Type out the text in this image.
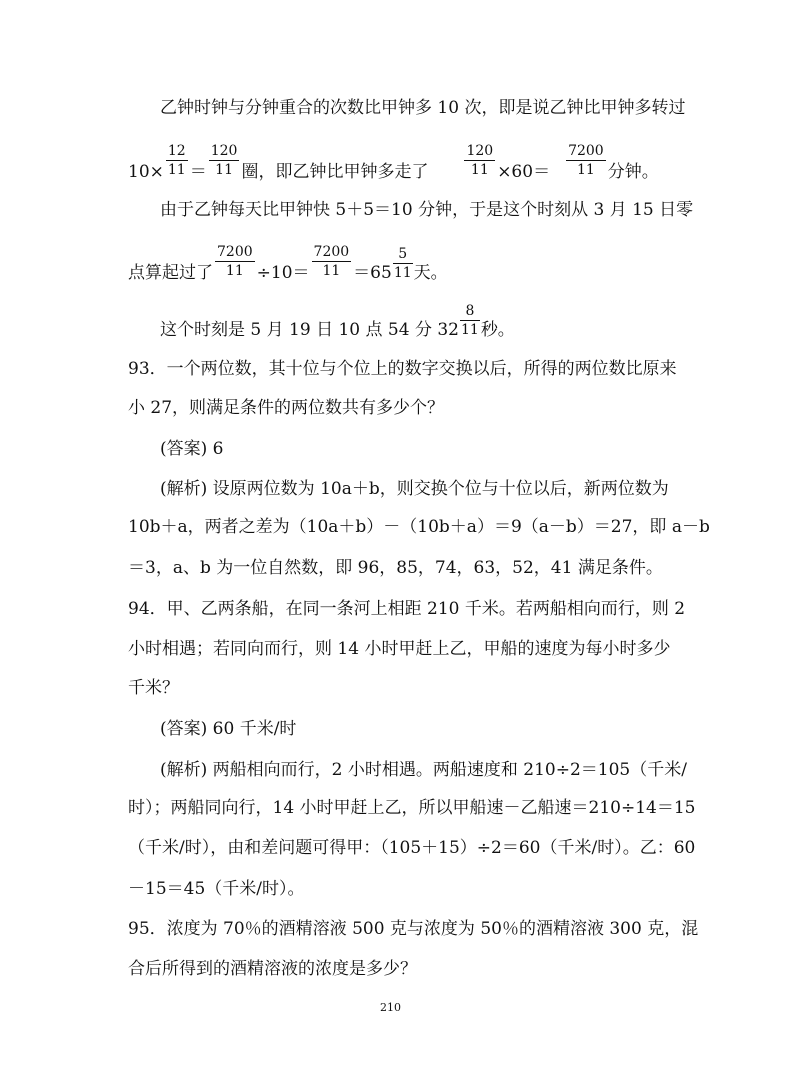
乙钟时钟与分钟重合的次数比甲钟多 10 次，即是说乙钟比甲钟多转过
$10\times \frac{12}{11} = \frac{120}{11}$ 圈，即乙钟比甲钟多走了	$\frac{120}{11} \times 60= \frac{7200}{11}$ 分钟。
由于乙钟每天比甲钟快 5＋5＝10 分钟，于是这个时刻从 3 月 15 日零
点算起过了 $\frac{7200}{11} \div 10= \frac{7200}{11} =65 \frac{5}{11}$ 天。
这个时刻是 5 月 19 日 10 点 54 分 $32 \frac{8}{11}$ 秒。
93．一个两位数，其十位与个位上的数字交换以后，所得的两位数比原来
小 27，则满足条件的两位数共有多少个？
(答案) 6
(解析) 设原两位数为 10a＋b，则交换个位与十位以后，新两位数为
10b＋a，两者之差为（10a＋b）－（10b＋a）＝9（a－b）＝27，即 a－b
＝3，a、b 为一位自然数，即 96，85，74，63，52，41 满足条件。
94．甲、乙两条船，在同一条河上相距 210 千米。若两船相向而行，则 2
小时相遇；若同向而行，则 14 小时甲赶上乙，甲船的速度为每小时多少
千米？
(答案) 60 千米/时
(解析) 两船相向而行，2 小时相遇。两船速度和 210÷2＝105（千米/
时）；两船同向行，14 小时甲赶上乙，所以甲船速－乙船速＝210÷14＝15
（千米/时），由和差问题可得甲：（105＋15）÷2＝60（千米/时）。乙：60
－15＝45（千米/时）。
95．浓度为 70％的酒精溶液 500 克与浓度为 50％的酒精溶液 300 克，混
合后所得到的酒精溶液的浓度是多少？
210
